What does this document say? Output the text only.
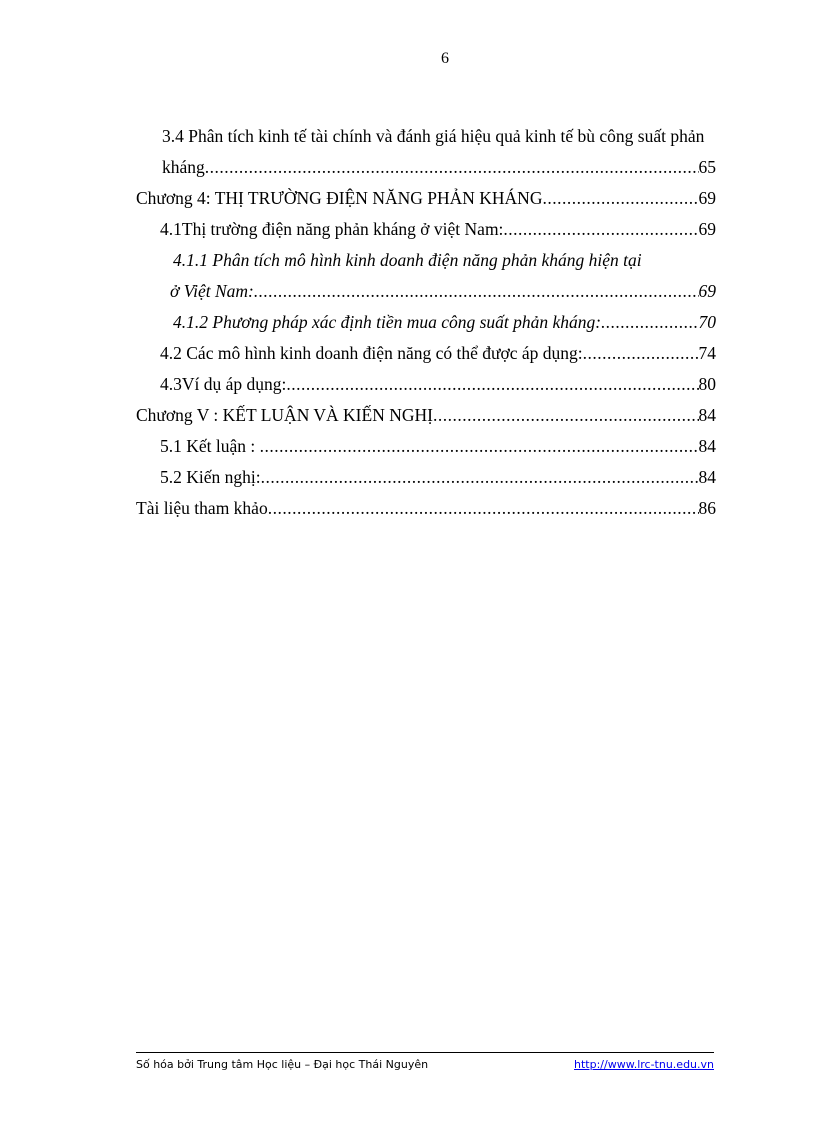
6
3.4 Phân tích kinh tế tài chính và đánh giá hiệu quả kinh tế bù công suất phản
kháng .....	65
Chương 4: THỊ TRƯỜNG ĐIỆN NĂNG PHẢN KHÁNG .....	69
4.1Thị trường điện năng phản kháng ở việt Nam: .....	69
4.1.1 Phân tích mô hình kinh doanh điện năng phản kháng hiện tại
ở Việt Nam: .....	69
4.1.2 Phương pháp xác định tiền mua công suất phản kháng: .....	70
4.2 Các mô hình kinh doanh điện năng có thể được áp dụng: .....	74
4.3Ví dụ áp dụng: .....	80
Chương V : KẾT LUẬN VÀ KIẾN NGHỊ .....	84
5.1 Kết luận : .....	84
5.2 Kiến nghị: .....	84
Tài liệu tham khảo .....	86
Số hóa bởi Trung tâm Học liệu – Đại học Thái Nguyên	http://www.lrc-tnu.edu.vn
